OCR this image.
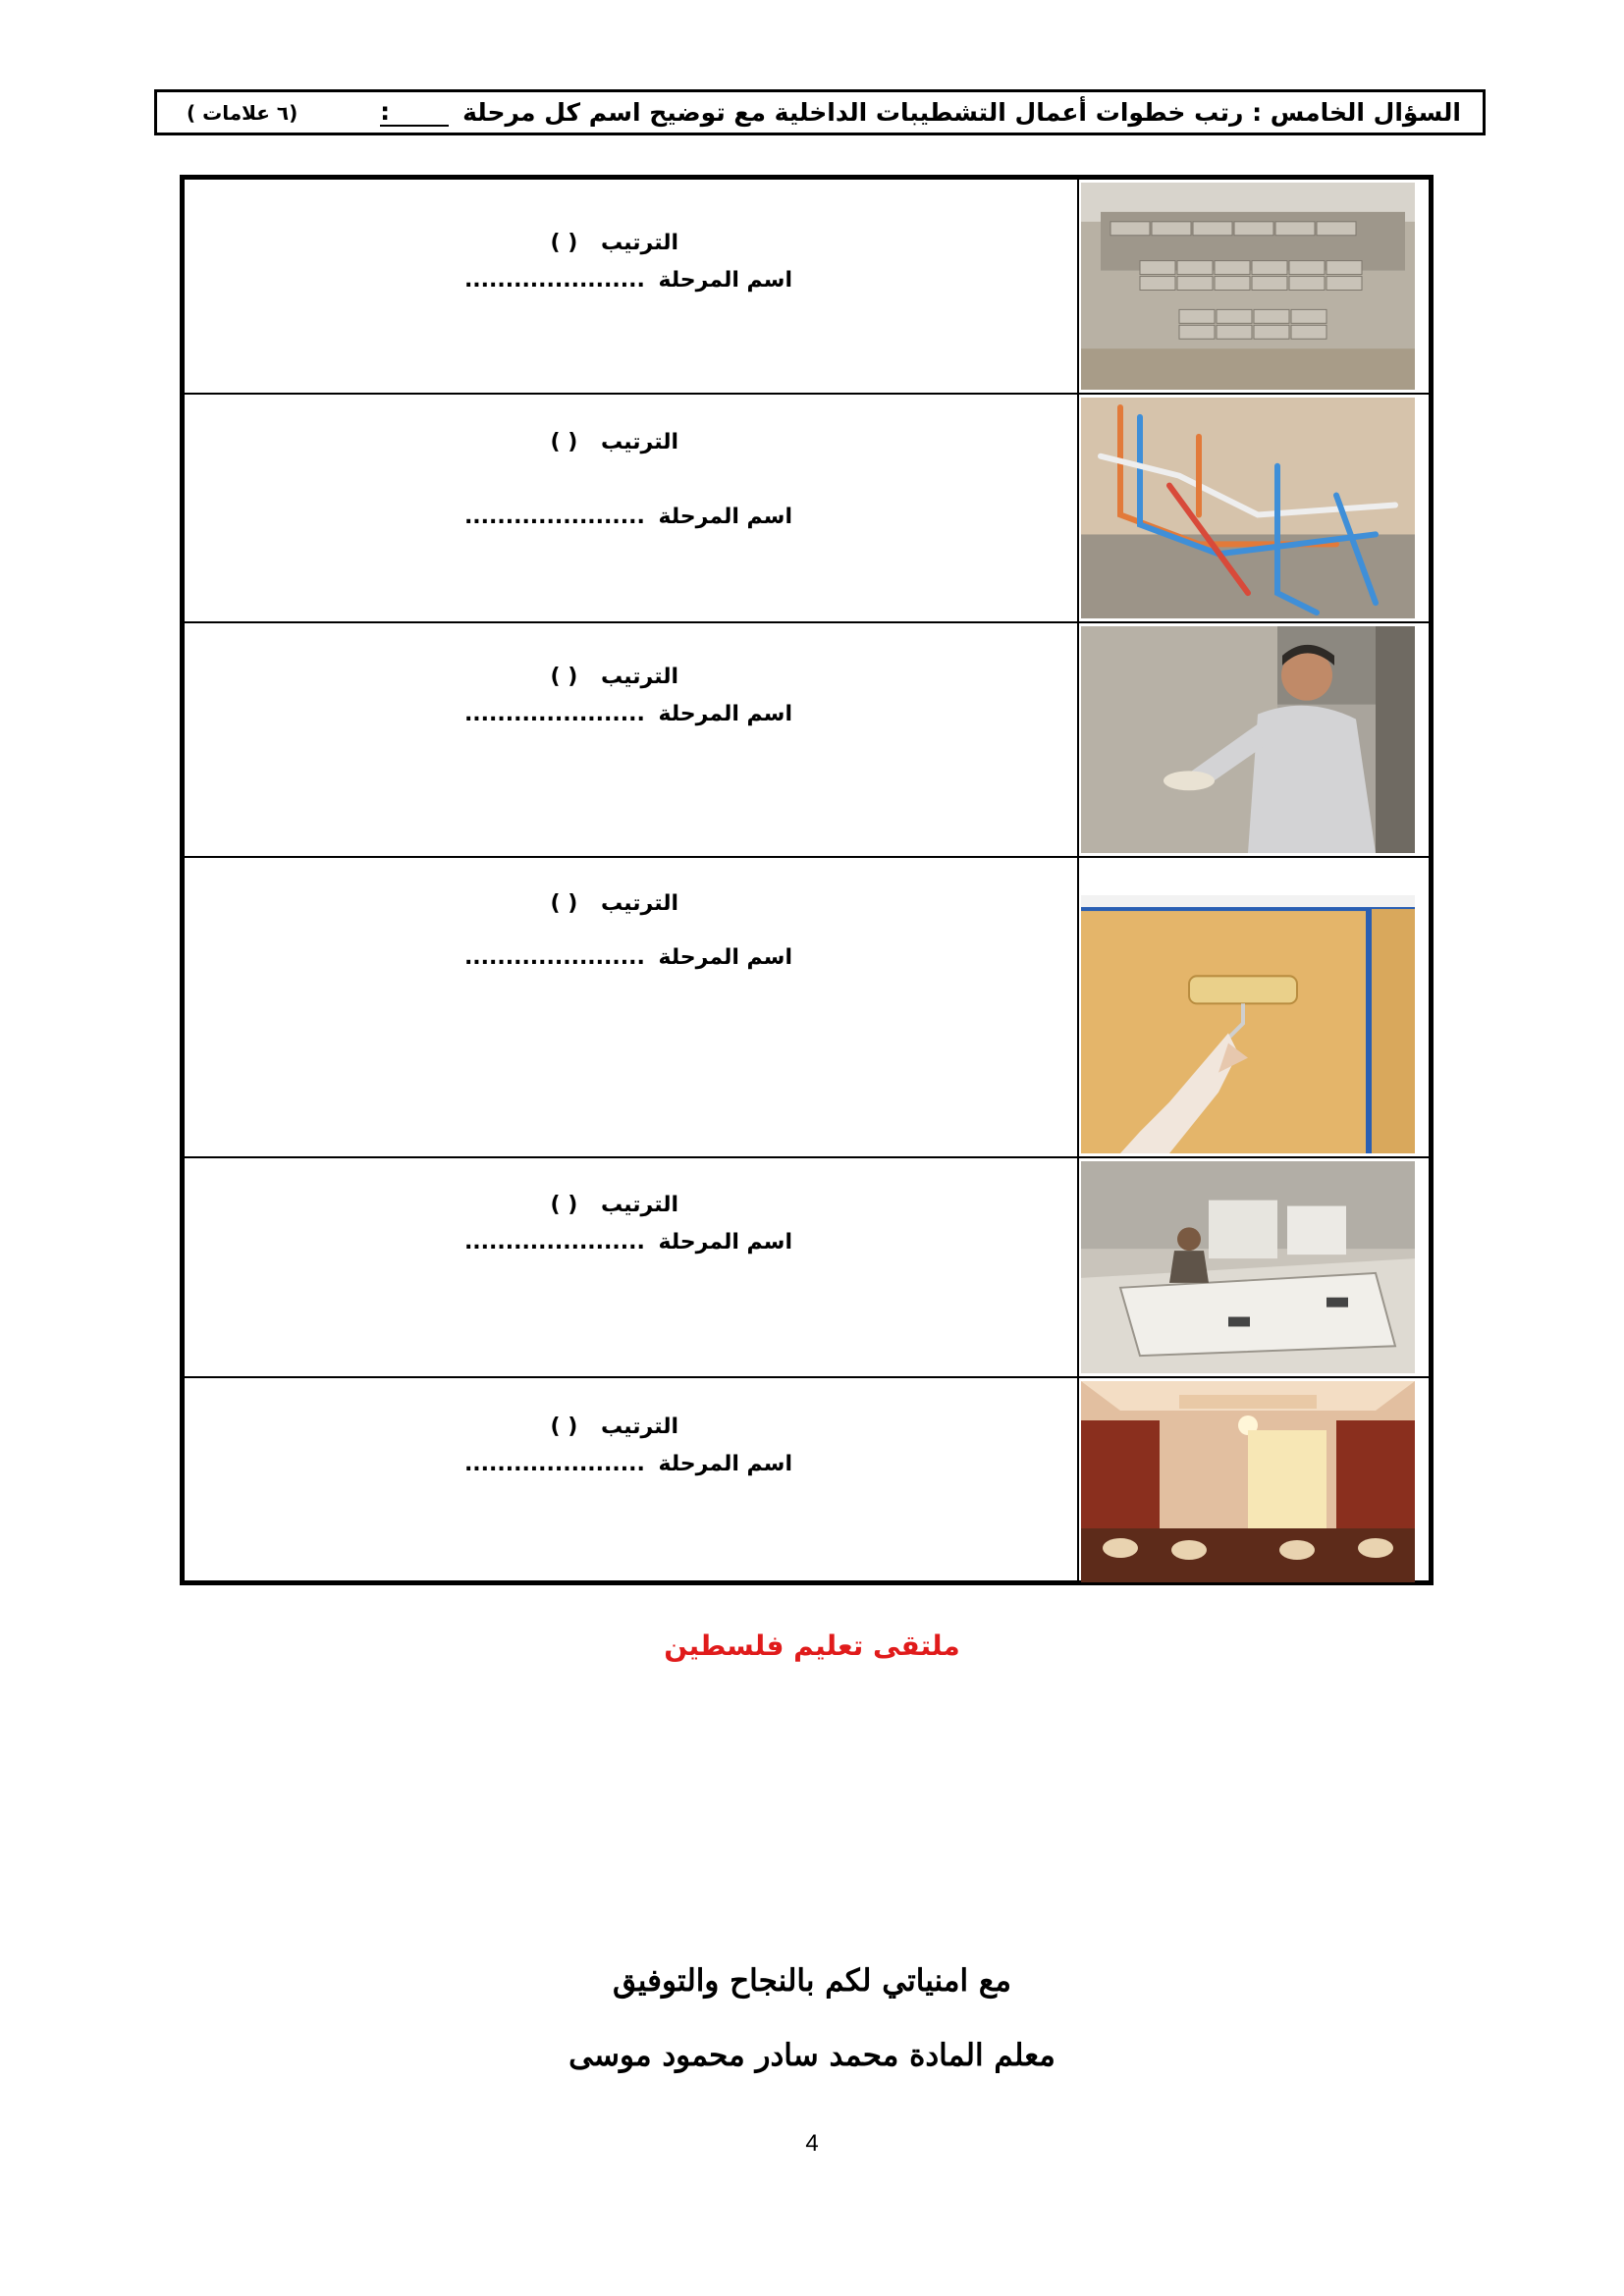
السؤال الخامس : رتب خطوات أعمال التشطيبات الداخلية مع توضيح اسم كل مرحلة
:
(٦ علامات )
الترتيب ( )
اسم المرحلة ......................
الترتيب ( )
اسم المرحلة ......................
الترتيب ( )
اسم المرحلة ......................
الترتيب ( )
اسم المرحلة ......................
الترتيب ( )
اسم المرحلة ......................
الترتيب ( )
اسم المرحلة ......................
ملتقى تعليم فلسطين
مع امنياتي لكم بالنجاح والتوفيق
معلم المادة محمد سادر محمود موسى
4
